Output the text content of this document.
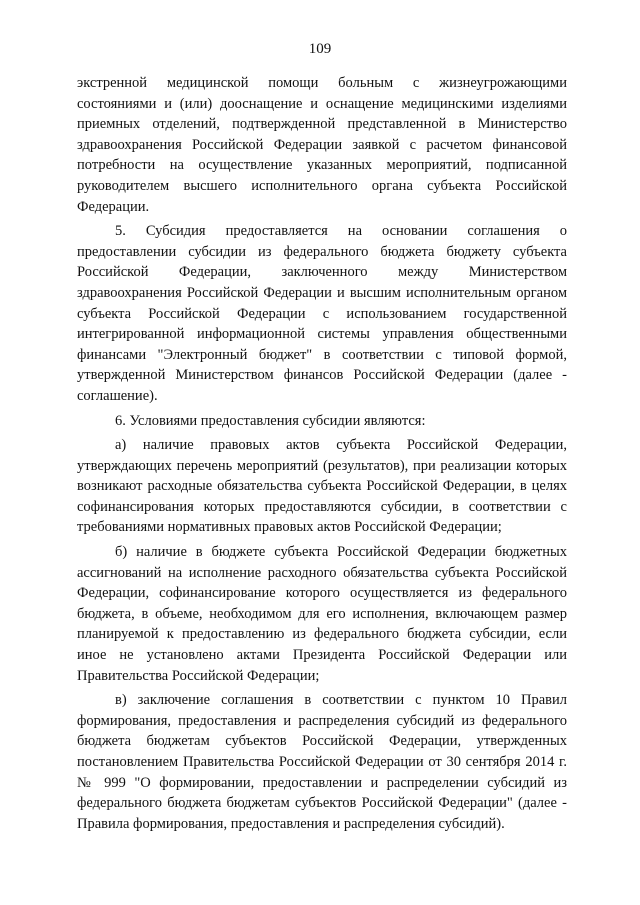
109

экстренной медицинской помощи больным с жизнеугрожающими состояниями и (или) дооснащение и оснащение медицинскими изделиями приемных отделений, подтвержденной представленной в Министерство здравоохранения Российской Федерации заявкой с расчетом финансовой потребности на осуществление указанных мероприятий, подписанной руководителем высшего исполнительного органа субъекта Российской Федерации.

5. Субсидия предоставляется на основании соглашения о предоставлении субсидии из федерального бюджета бюджету субъекта Российской Федерации, заключенного между Министерством здравоохранения Российской Федерации и высшим исполнительным органом субъекта Российской Федерации с использованием государственной интегрированной информационной системы управления общественными финансами "Электронный бюджет" в соответствии с типовой формой, утвержденной Министерством финансов Российской Федерации (далее - соглашение).

6. Условиями предоставления субсидии являются:

а) наличие правовых актов субъекта Российской Федерации, утверждающих перечень мероприятий (результатов), при реализации которых возникают расходные обязательства субъекта Российской Федерации, в целях софинансирования которых предоставляются субсидии, в соответствии с требованиями нормативных правовых актов Российской Федерации;

б) наличие в бюджете субъекта Российской Федерации бюджетных ассигнований на исполнение расходного обязательства субъекта Российской Федерации, софинансирование которого осуществляется из федерального бюджета, в объеме, необходимом для его исполнения, включающем размер планируемой к предоставлению из федерального бюджета субсидии, если иное не установлено актами Президента Российской Федерации или Правительства Российской Федерации;

в) заключение соглашения в соответствии с пунктом 10 Правил формирования, предоставления и распределения субсидий из федерального бюджета бюджетам субъектов Российской Федерации, утвержденных постановлением Правительства Российской Федерации от 30 сентября 2014 г. № 999 "О формировании, предоставлении и распределении субсидий из федерального бюджета бюджетам субъектов Российской Федерации" (далее - Правила формирования, предоставления и распределения субсидий).
